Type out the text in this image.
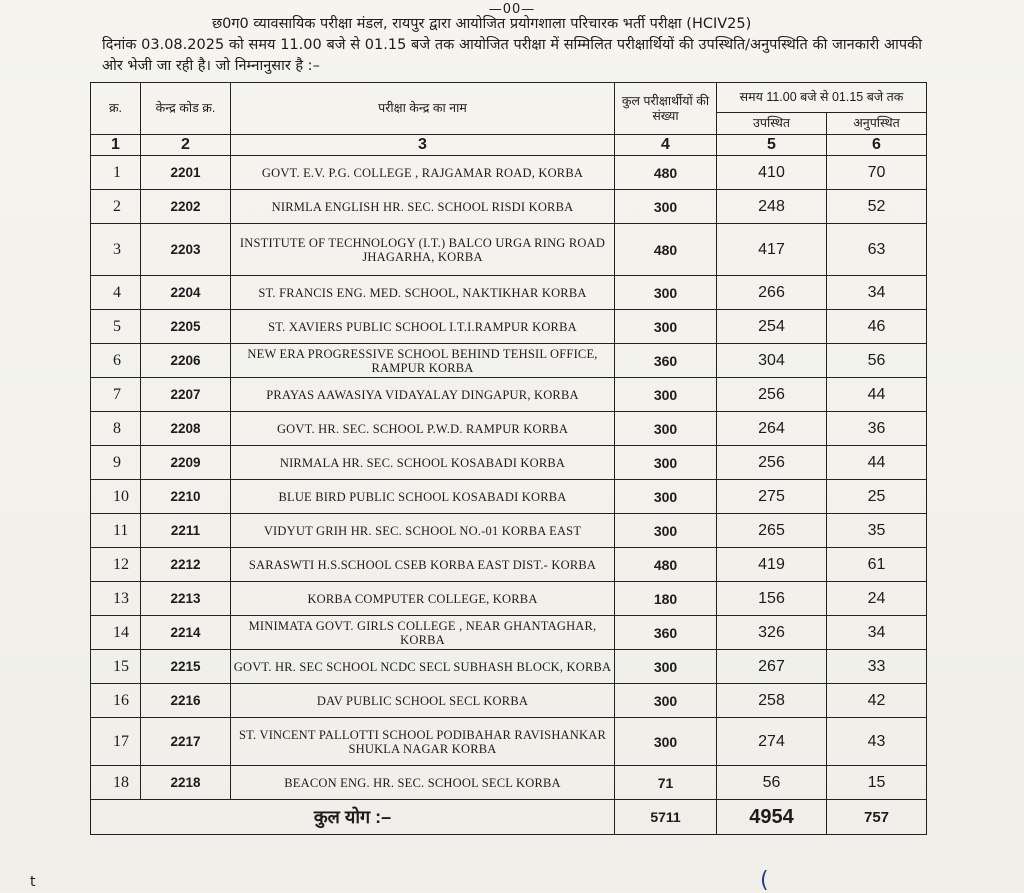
—00—
छ0ग0 व्यावसायिक परीक्षा मंडल, रायपुर द्वारा आयोजित प्रयोगशाला परिचारक भर्ती परीक्षा (HCIV25)
दिनांक 03.08.2025 को समय 11.00 बजे से 01.15 बजे तक आयोजित परीक्षा में सम्मिलित परीक्षार्थियों की उपस्थिति/अनुपस्थिति की जानकारी आपकी ओर भेजी जा रही है। जो निम्नानुसार है :–
क्र.	केन्द्र कोड क्र.	परीक्षा केन्द्र का नाम	कुल परीक्षार्थीयों की संख्या	समय 11.00 बजे से 01.15 बजे तक	
				उपस्थित	अनुपस्थित
1	2	3	4	5	6
1	2201	GOVT. E.V. P.G. COLLEGE , RAJGAMAR ROAD, KORBA	480	410	70
2	2202	NIRMLA ENGLISH HR. SEC. SCHOOL RISDI KORBA	300	248	52
3	2203	INSTITUTE OF TECHNOLOGY (I.T.) BALCO URGA RING ROAD JHAGARHA, KORBA	480	417	63
4	2204	ST. FRANCIS ENG. MED. SCHOOL, NAKTIKHAR KORBA	300	266	34
5	2205	ST. XAVIERS PUBLIC SCHOOL I.T.I.RAMPUR KORBA	300	254	46
6	2206	NEW ERA PROGRESSIVE SCHOOL BEHIND TEHSIL OFFICE, RAMPUR KORBA	360	304	56
7	2207	PRAYAS AAWASIYA VIDAYALAY DINGAPUR, KORBA	300	256	44
8	2208	GOVT. HR. SEC. SCHOOL P.W.D. RAMPUR KORBA	300	264	36
9	2209	NIRMALA HR. SEC. SCHOOL KOSABADI KORBA	300	256	44
10	2210	BLUE BIRD PUBLIC SCHOOL KOSABADI KORBA	300	275	25
11	2211	VIDYUT GRIH HR. SEC. SCHOOL NO.-01 KORBA EAST	300	265	35
12	2212	SARASWTI H.S.SCHOOL CSEB KORBA EAST DIST.- KORBA	480	419	61
13	2213	KORBA COMPUTER COLLEGE, KORBA	180	156	24
14	2214	MINIMATA GOVT. GIRLS COLLEGE , NEAR GHANTAGHAR, KORBA	360	326	34
15	2215	GOVT. HR. SEC SCHOOL NCDC SECL SUBHASH BLOCK, KORBA	300	267	33
16	2216	DAV PUBLIC SCHOOL SECL KORBA	300	258	42
17	2217	ST. VINCENT PALLOTTI SCHOOL PODIBAHAR RAVISHANKAR SHUKLA NAGAR KORBA	300	274	43
18	2218	BEACON ENG. HR. SEC. SCHOOL SECL KORBA	71	56	15
कुल योग :–			5711	4954	757
t	(
